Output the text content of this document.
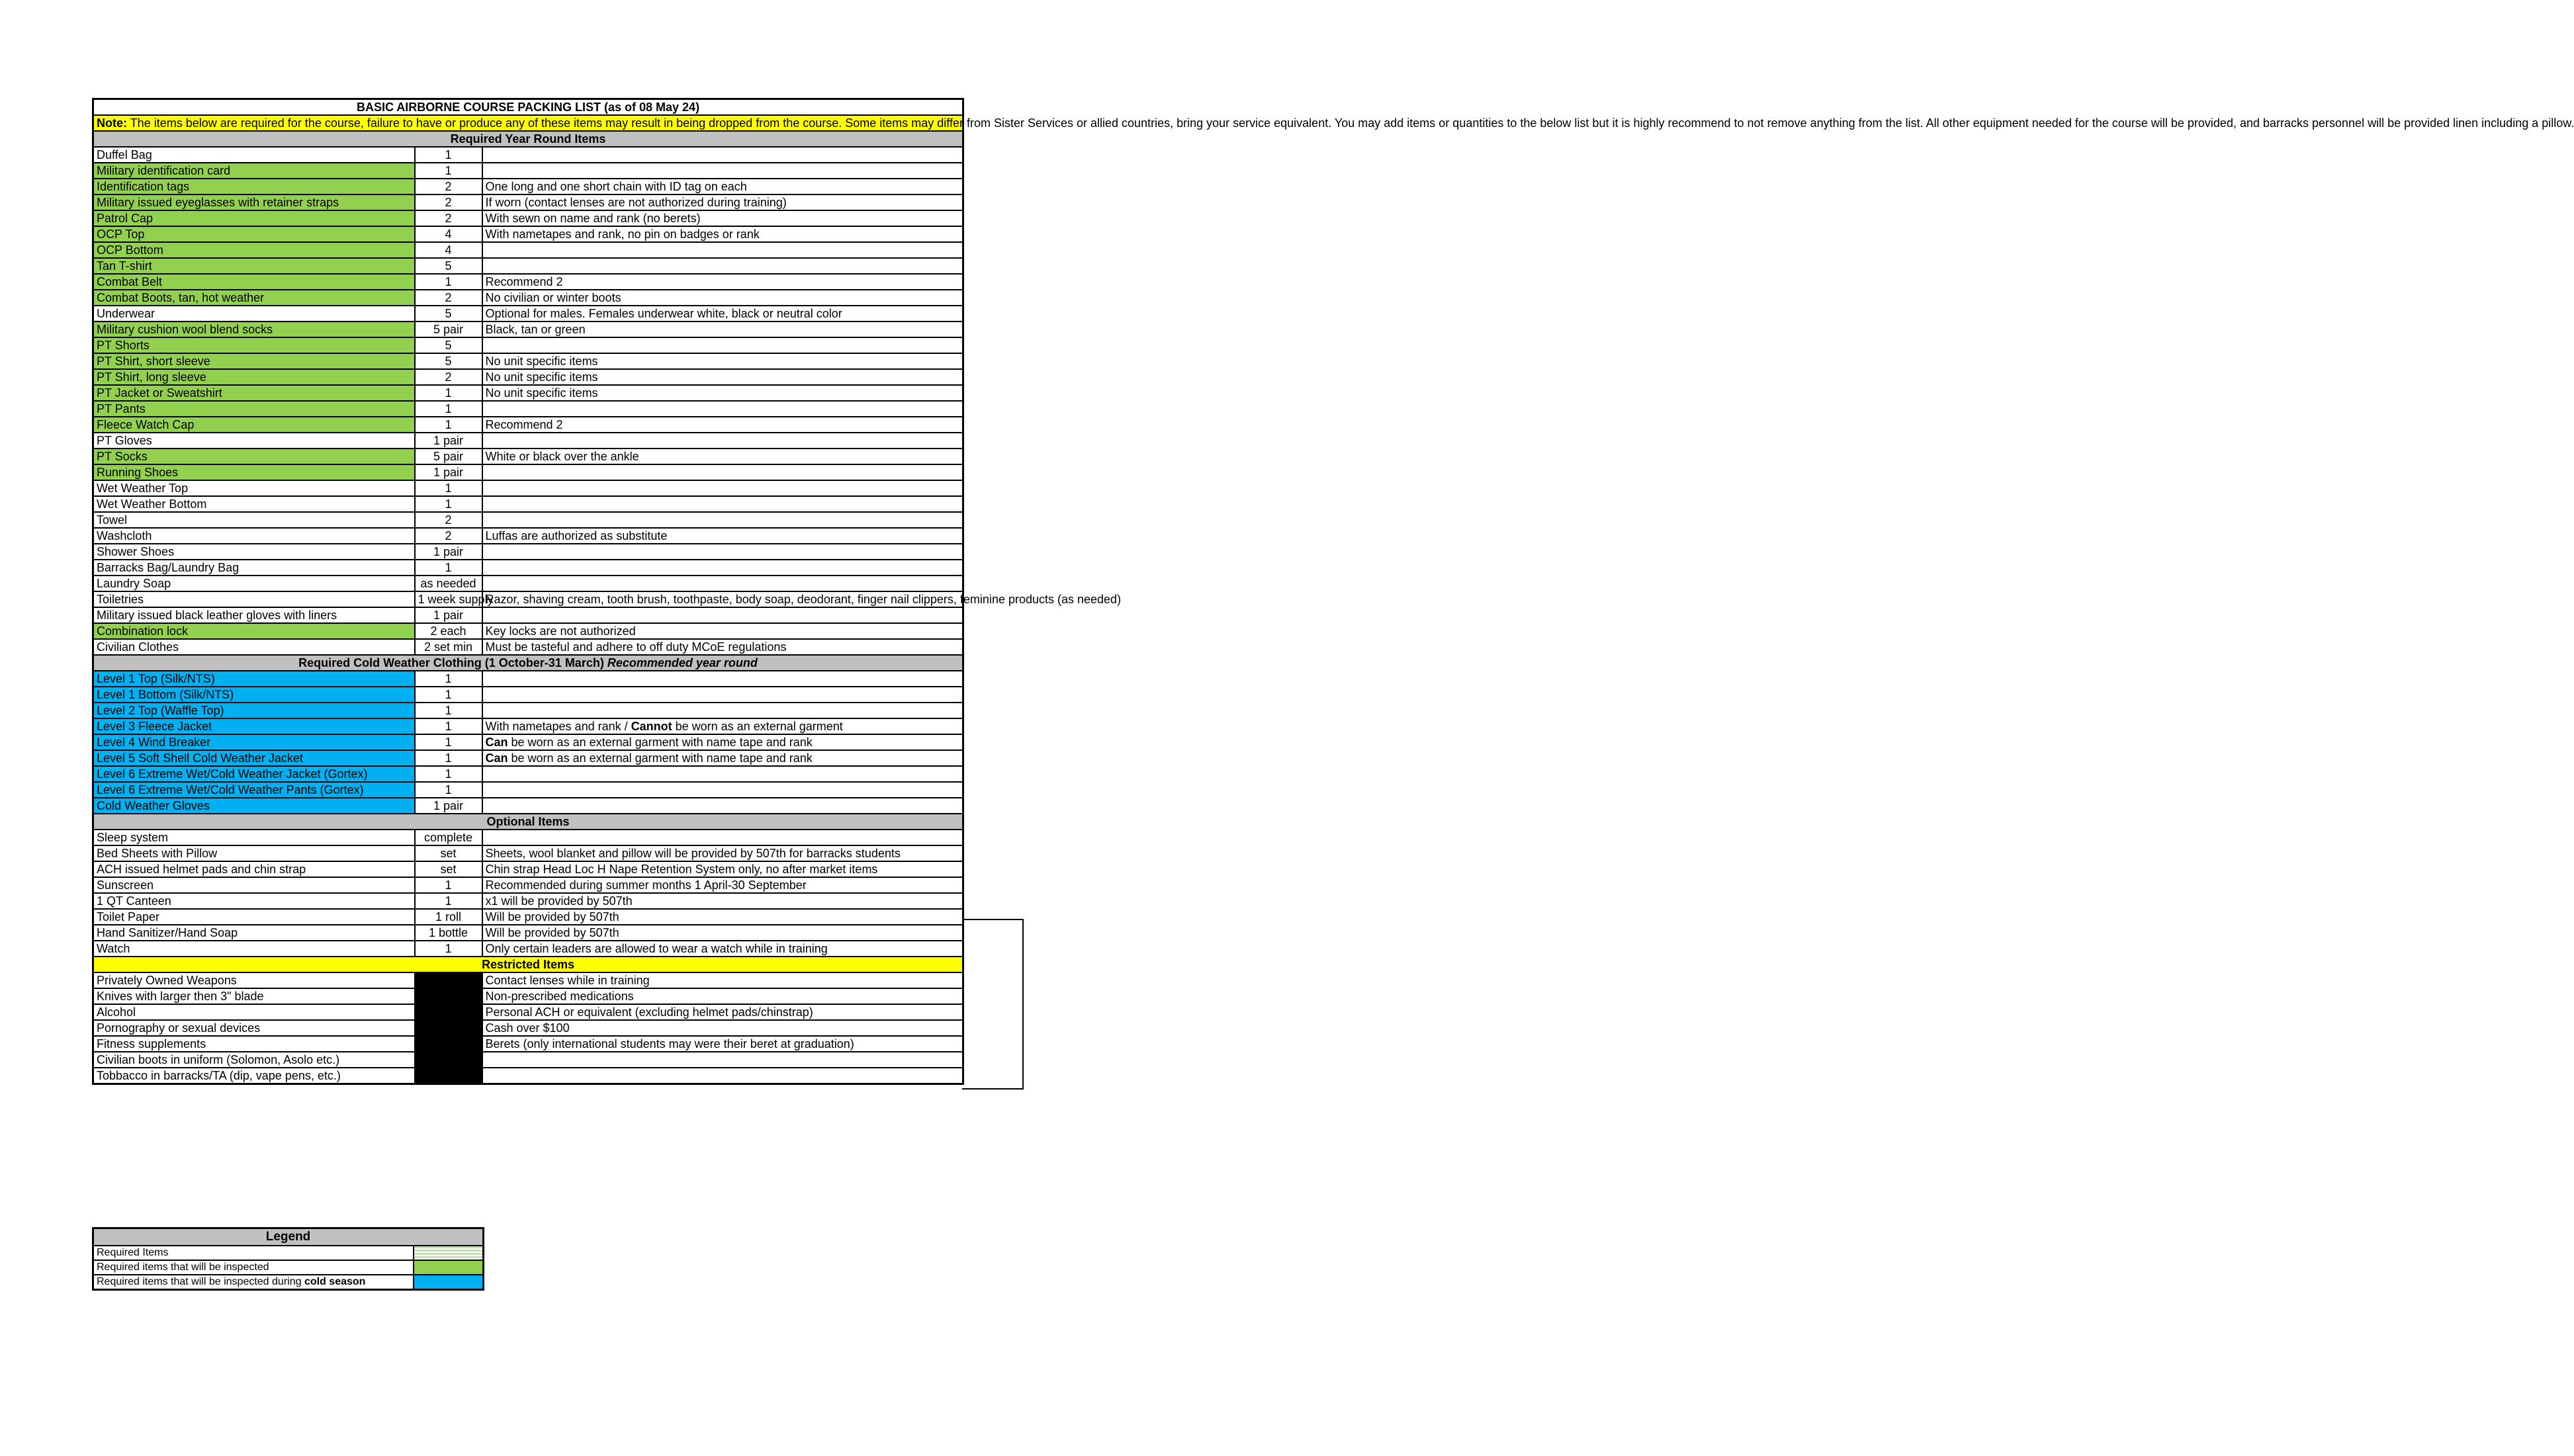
BASIC AIRBORNE COURSE PACKING LIST (as of 08 May 24)		
Note: The items below are required for the course, failure to have or produce any of these items may result in being dropped from the course. Some items may differ from Sister Services or allied countries, bring your service equivalent. You may add items or quantities to the below list but it is highly recommend to not remove anything from the list. All other equipment needed for the course will be provided, and barracks personnel will be provided linen including a pillow.		
Required Year Round Items		
Duffel Bag	1	
Military identification card	1	
Identification tags	2	One long and one short chain with ID tag on each
Military issued eyeglasses with retainer straps	2	If worn (contact lenses are not authorized during training)
Patrol Cap	2	With sewn on name and rank (no berets)
OCP Top	4	With nametapes and rank, no pin on badges or rank
OCP Bottom	4	
Tan T-shirt	5	
Combat Belt	1	Recommend 2
Combat Boots, tan, hot weather	2	No civilian or winter boots
Underwear	5	Optional for males. Females underwear white, black or neutral color
Military cushion wool blend socks	5 pair	Black, tan or green
PT Shorts	5	
PT Shirt, short sleeve	5	No unit specific items
PT Shirt, long sleeve	2	No unit specific items
PT Jacket or Sweatshirt	1	No unit specific items
PT Pants	1	
Fleece Watch Cap	1	Recommend 2
PT Gloves	1 pair	
PT Socks	5 pair	White or black over the ankle
Running Shoes	1 pair	
Wet Weather Top	1	
Wet Weather Bottom	1	
Towel	2	
Washcloth	2	Luffas are authorized as substitute
Shower Shoes	1 pair	
Barracks Bag/Laundry Bag	1	
Laundry Soap	as needed	
Toiletries	1 week supply	Razor, shaving cream, tooth brush, toothpaste, body soap, deodorant, finger nail clippers, feminine products (as needed)
Military issued black leather gloves with liners	1 pair	
Combination lock	2 each	Key locks are not authorized
Civilian Clothes	2 set min	Must be tasteful and adhere to off duty MCoE regulations
Required Cold Weather Clothing (1 October-31 March) Recommended year round		
Level 1 Top (Silk/NTS)	1	
Level 1 Bottom (Silk/NTS)	1	
Level 2 Top (Waffle Top)	1	
Level 3 Fleece Jacket	1	With nametapes and rank / Cannot be worn as an external garment
Level 4 Wind Breaker	1	Can be worn as an external garment with name tape and rank
Level 5 Soft Shell Cold Weather Jacket	1	Can be worn as an external garment with name tape and rank
Level 6 Extreme Wet/Cold Weather Jacket (Gortex)	1	
Level 6 Extreme Wet/Cold Weather Pants (Gortex)	1	
Cold Weather Gloves	1 pair	
Optional Items		
Sleep system	complete	
Bed Sheets with Pillow	set	Sheets, wool blanket and pillow will be provided by 507th for barracks students
ACH issued helmet pads and chin strap	set	Chin strap Head Loc H Nape Retention System only, no after market items
Sunscreen	1	Recommended during summer months 1 April-30 September
1 QT Canteen	1	x1 will be provided by 507th
Toilet Paper	1 roll	Will be provided by 507th
Hand Sanitizer/Hand Soap	1 bottle	Will be provided by 507th
Watch	1	Only certain leaders are allowed to wear a watch while in training
Restricted Items		
Privately Owned Weapons		Contact lenses while in training
Knives with larger then 3" blade		Non-prescribed medications
Alcohol		Personal ACH or equivalent (excluding helmet pads/chinstrap)
Pornography or sexual devices		Cash over $100
Fitness supplements		Berets (only international students may were their beret at graduation)
Civilian boots in uniform (Solomon, Asolo etc.)		
Tobbacco in barracks/TA (dip, vape pens, etc.)		
Legend	
Required Items	
Required items that will be inspected	
Required items that will be inspected during cold season	
